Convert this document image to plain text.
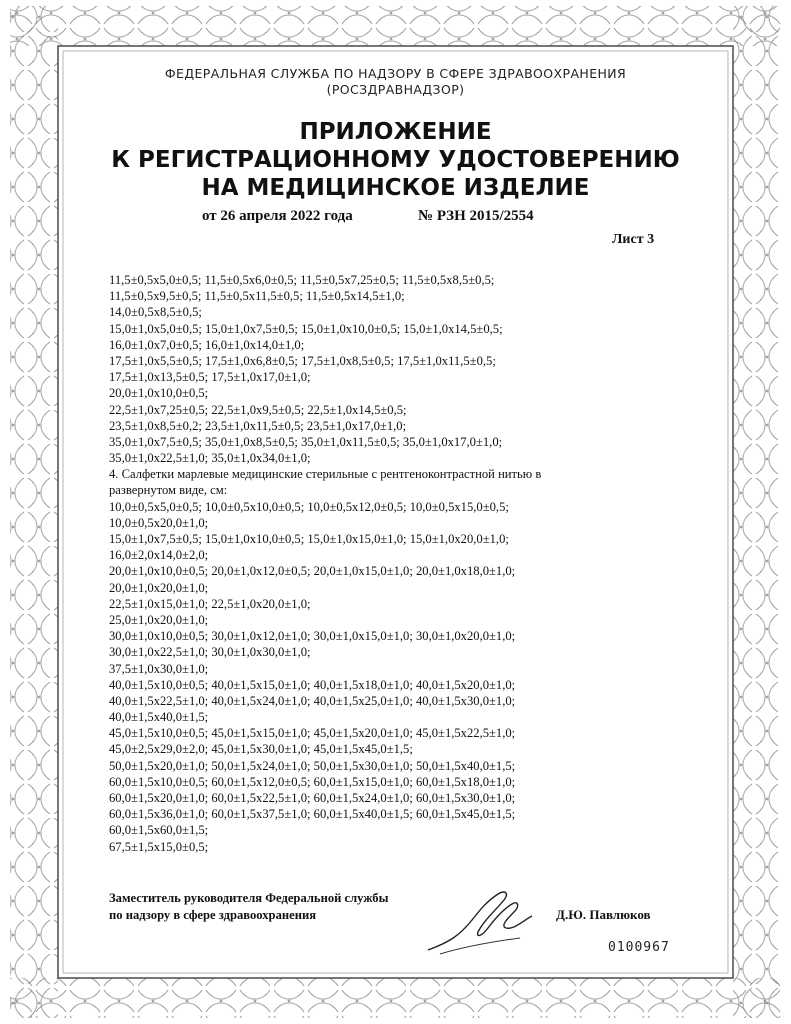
ФЕДЕРАЛЬНАЯ СЛУЖБА ПО НАДЗОРУ В СФЕРЕ ЗДРАВООХРАНЕНИЯ
(РОСЗДРАВНАДЗОР)
ПРИЛОЖЕНИЕ
К РЕГИСТРАЦИОННОМУ УДОСТОВЕРЕНИЮ
НА МЕДИЦИНСКОЕ ИЗДЕЛИЕ
от 26 апреля 2022 года	№ РЗН 2015/2554
Лист 3
11,5±0,5х5,0±0,5; 11,5±0,5х6,0±0,5; 11,5±0,5х7,25±0,5; 11,5±0,5х8,5±0,5;
11,5±0,5х9,5±0,5; 11,5±0,5х11,5±0,5; 11,5±0,5х14,5±1,0;
14,0±0,5х8,5±0,5;
15,0±1,0х5,0±0,5; 15,0±1,0х7,5±0,5; 15,0±1,0х10,0±0,5; 15,0±1,0х14,5±0,5;
16,0±1,0х7,0±0,5; 16,0±1,0х14,0±1,0;
17,5±1,0х5,5±0,5; 17,5±1,0х6,8±0,5; 17,5±1,0х8,5±0,5; 17,5±1,0х11,5±0,5;
17,5±1,0х13,5±0,5; 17,5±1,0х17,0±1,0;
20,0±1,0х10,0±0,5;
22,5±1,0х7,25±0,5; 22,5±1,0х9,5±0,5; 22,5±1,0х14,5±0,5;
23,5±1,0х8,5±0,2; 23,5±1,0х11,5±0,5; 23,5±1,0х17,0±1,0;
35,0±1,0х7,5±0,5; 35,0±1,0х8,5±0,5; 35,0±1,0х11,5±0,5; 35,0±1,0х17,0±1,0;
35,0±1,0х22,5±1,0; 35,0±1,0х34,0±1,0;
4. Салфетки марлевые медицинские стерильные с рентгеноконтрастной нитью в
развернутом виде, см:
10,0±0,5х5,0±0,5; 10,0±0,5х10,0±0,5; 10,0±0,5х12,0±0,5; 10,0±0,5х15,0±0,5;
10,0±0,5х20,0±1,0;
15,0±1,0х7,5±0,5; 15,0±1,0х10,0±0,5; 15,0±1,0х15,0±1,0; 15,0±1,0х20,0±1,0;
16,0±2,0х14,0±2,0;
20,0±1,0х10,0±0,5; 20,0±1,0х12,0±0,5; 20,0±1,0х15,0±1,0; 20,0±1,0х18,0±1,0;
20,0±1,0х20,0±1,0;
22,5±1,0х15,0±1,0; 22,5±1,0х20,0±1,0;
25,0±1,0х20,0±1,0;
30,0±1,0х10,0±0,5; 30,0±1,0х12,0±1,0; 30,0±1,0х15,0±1,0; 30,0±1,0х20,0±1,0;
30,0±1,0х22,5±1,0; 30,0±1,0х30,0±1,0;
37,5±1,0х30,0±1,0;
40,0±1,5х10,0±0,5; 40,0±1,5х15,0±1,0; 40,0±1,5х18,0±1,0; 40,0±1,5х20,0±1,0;
40,0±1,5х22,5±1,0; 40,0±1,5х24,0±1,0; 40,0±1,5х25,0±1,0; 40,0±1,5х30,0±1,0;
40,0±1,5х40,0±1,5;
45,0±1,5х10,0±0,5; 45,0±1,5х15,0±1,0; 45,0±1,5х20,0±1,0; 45,0±1,5х22,5±1,0;
45,0±2,5х29,0±2,0; 45,0±1,5х30,0±1,0; 45,0±1,5х45,0±1,5;
50,0±1,5х20,0±1,0; 50,0±1,5х24,0±1,0; 50,0±1,5х30,0±1,0; 50,0±1,5х40,0±1,5;
60,0±1,5х10,0±0,5; 60,0±1,5х12,0±0,5; 60,0±1,5х15,0±1,0; 60,0±1,5х18,0±1,0;
60,0±1,5х20,0±1,0; 60,0±1,5х22,5±1,0; 60,0±1,5х24,0±1,0; 60,0±1,5х30,0±1,0;
60,0±1,5х36,0±1,0; 60,0±1,5х37,5±1,0; 60,0±1,5х40,0±1,5; 60,0±1,5х45,0±1,5;
60,0±1,5х60,0±1,5;
67,5±1,5х15,0±0,5;
Заместитель руководителя Федеральной службы
по надзору в сфере здравоохранения	Д.Ю. Павлюков
0100967
